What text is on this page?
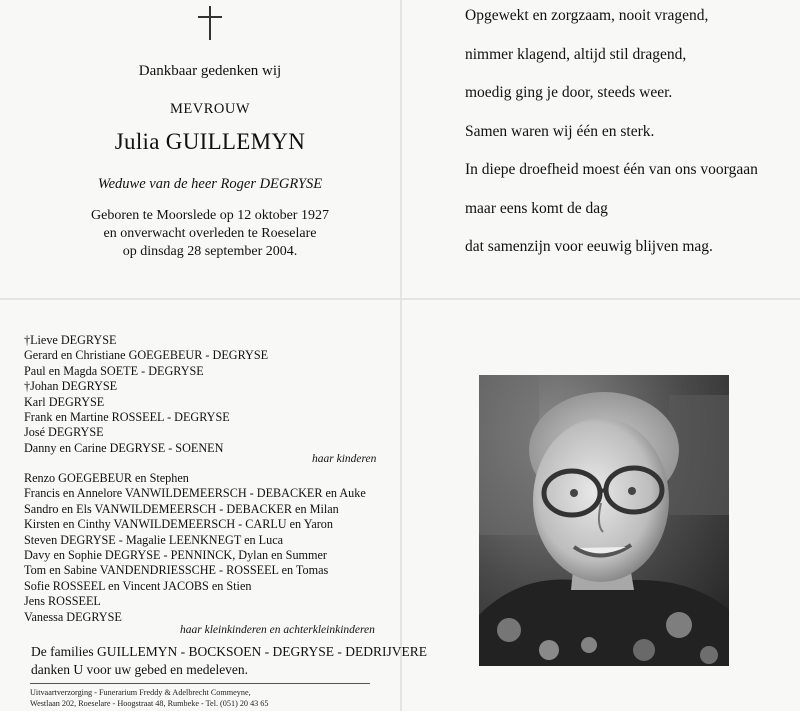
Dankbaar gedenken wij
MEVROUW
Julia GUILLEMYN
Weduwe van de heer Roger DEGRYSE
Geboren te Moorslede op 12 oktober 1927
en onverwacht overleden te Roeselare
op dinsdag 28 september 2004.
Opgewekt en zorgzaam, nooit vragend,
nimmer klagend, altijd stil dragend,
moedig ging je door, steeds weer.
Samen waren wij één en sterk.
In diepe droefheid moest één van ons voorgaan
maar eens komt de dag
dat samenzijn voor eeuwig blijven mag.
†Lieve DEGRYSE
Gerard en Christiane GOEGEBEUR - DEGRYSE
Paul en Magda SOETE - DEGRYSE
†Johan DEGRYSE
Karl DEGRYSE
Frank en Martine ROSSEEL - DEGRYSE
José DEGRYSE
Danny en Carine DEGRYSE - SOENEN
haar kinderen
Renzo GOEGEBEUR en Stephen
Francis en Annelore VANWILDEMEERSCH - DEBACKER en Auke
Sandro en Els VANWILDEMEERSCH - DEBACKER en Milan
Kirsten en Cinthy VANWILDEMEERSCH - CARLU en Yaron
Steven DEGRYSE - Magalie LEENKNEGT en Luca
Davy en Sophie DEGRYSE - PENNINCK, Dylan en Summer
Tom en Sabine VANDENDRIESSCHE - ROSSEEL en Tomas
Sofie ROSSEEL en Vincent JACOBS en Stien
Jens ROSSEEL
Vanessa DEGRYSE
haar kleinkinderen en achterkleinkinderen
De families GUILLEMYN - BOCKSOEN - DEGRYSE - DEDRIJVERE
danken U voor uw gebed en medeleven.
Uitvaartverzorging - Funerarium Freddy & Adelbrecht Commeyne,
Westlaan 202, Roeselare - Hoogstraat 48, Rumbeke - Tel. (051) 20 43 65
